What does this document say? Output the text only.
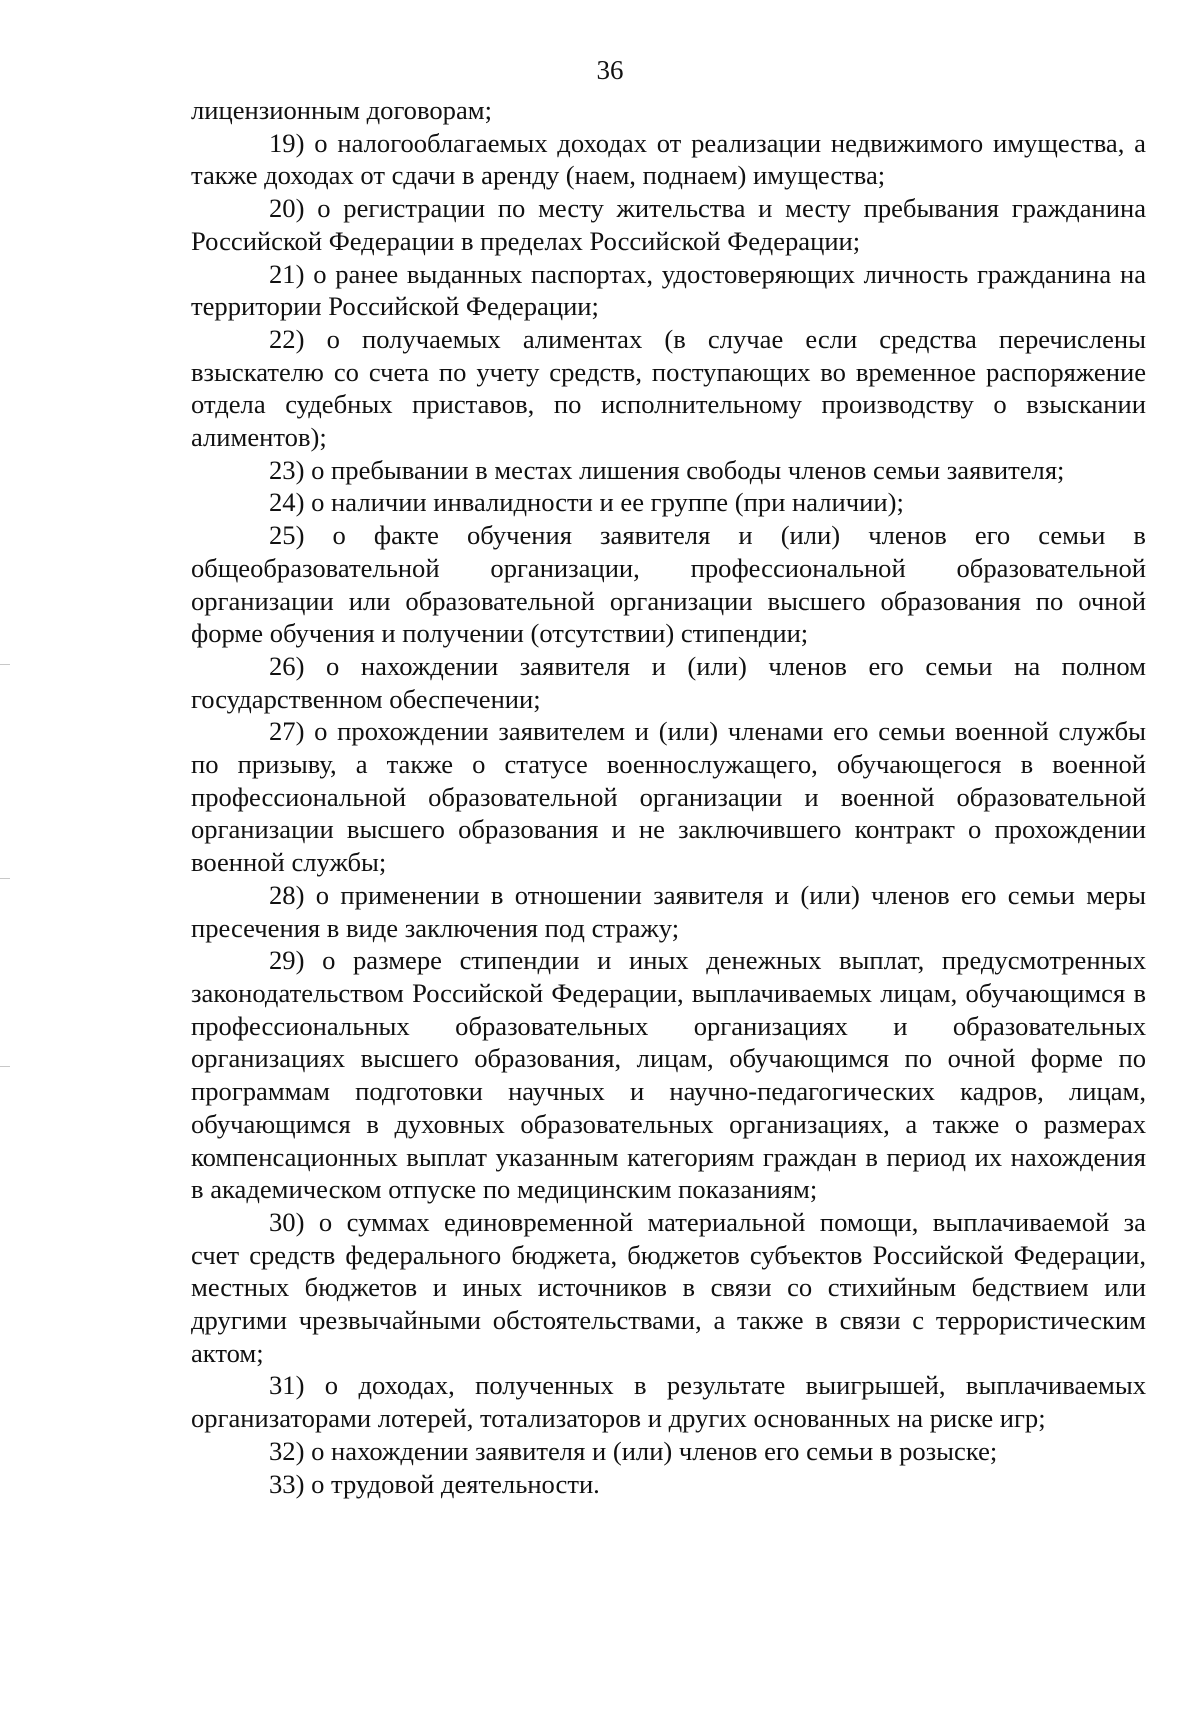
36

лицензионным договорам;

19) о налогооблагаемых доходах от реализации недвижимого имущества, а также доходах от сдачи в аренду (наем, поднаем) имущества;

20) о регистрации по месту жительства и месту пребывания гражданина Российской Федерации в пределах Российской Федерации;

21) о ранее выданных паспортах, удостоверяющих личность гражданина на территории Российской Федерации;

22) о получаемых алиментах (в случае если средства перечислены взыскателю со счета по учету средств, поступающих во временное распоряжение отдела судебных приставов, по исполнительному производству о взыскании алиментов);

23) о пребывании в местах лишения свободы членов семьи заявителя;

24) о наличии инвалидности и ее группе (при наличии);

25) о факте обучения заявителя и (или) членов его семьи в общеобразовательной организации, профессиональной образовательной организации или образовательной организации высшего образования по очной форме обучения и получении (отсутствии) стипендии;

26) о нахождении заявителя и (или) членов его семьи на полном государственном обеспечении;

27) о прохождении заявителем и (или) членами его семьи военной службы по призыву, а также о статусе военнослужащего, обучающегося в военной профессиональной образовательной организации и военной образовательной организации высшего образования и не заключившего контракт о прохождении военной службы;

28) о применении в отношении заявителя и (или) членов его семьи меры пресечения в виде заключения под стражу;

29) о размере стипендии и иных денежных выплат, предусмотренных законодательством Российской Федерации, выплачиваемых лицам, обучающимся в профессиональных образовательных организациях и образовательных организациях высшего образования, лицам, обучающимся по очной форме по программам подготовки научных и научно-педагогических кадров, лицам, обучающимся в духовных образовательных организациях, а также о размерах компенсационных выплат указанным категориям граждан в период их нахождения в академическом отпуске по медицинским показаниям;

30) о суммах единовременной материальной помощи, выплачиваемой за счет средств федерального бюджета, бюджетов субъектов Российской Федерации, местных бюджетов и иных источников в связи со стихийным бедствием или другими чрезвычайными обстоятельствами, а также в связи с террористическим актом;

31) о доходах, полученных в результате выигрышей, выплачиваемых организаторами лотерей, тотализаторов и других основанных на риске игр;

32) о нахождении заявителя и (или) членов его семьи в розыске;

33) о трудовой деятельности.
